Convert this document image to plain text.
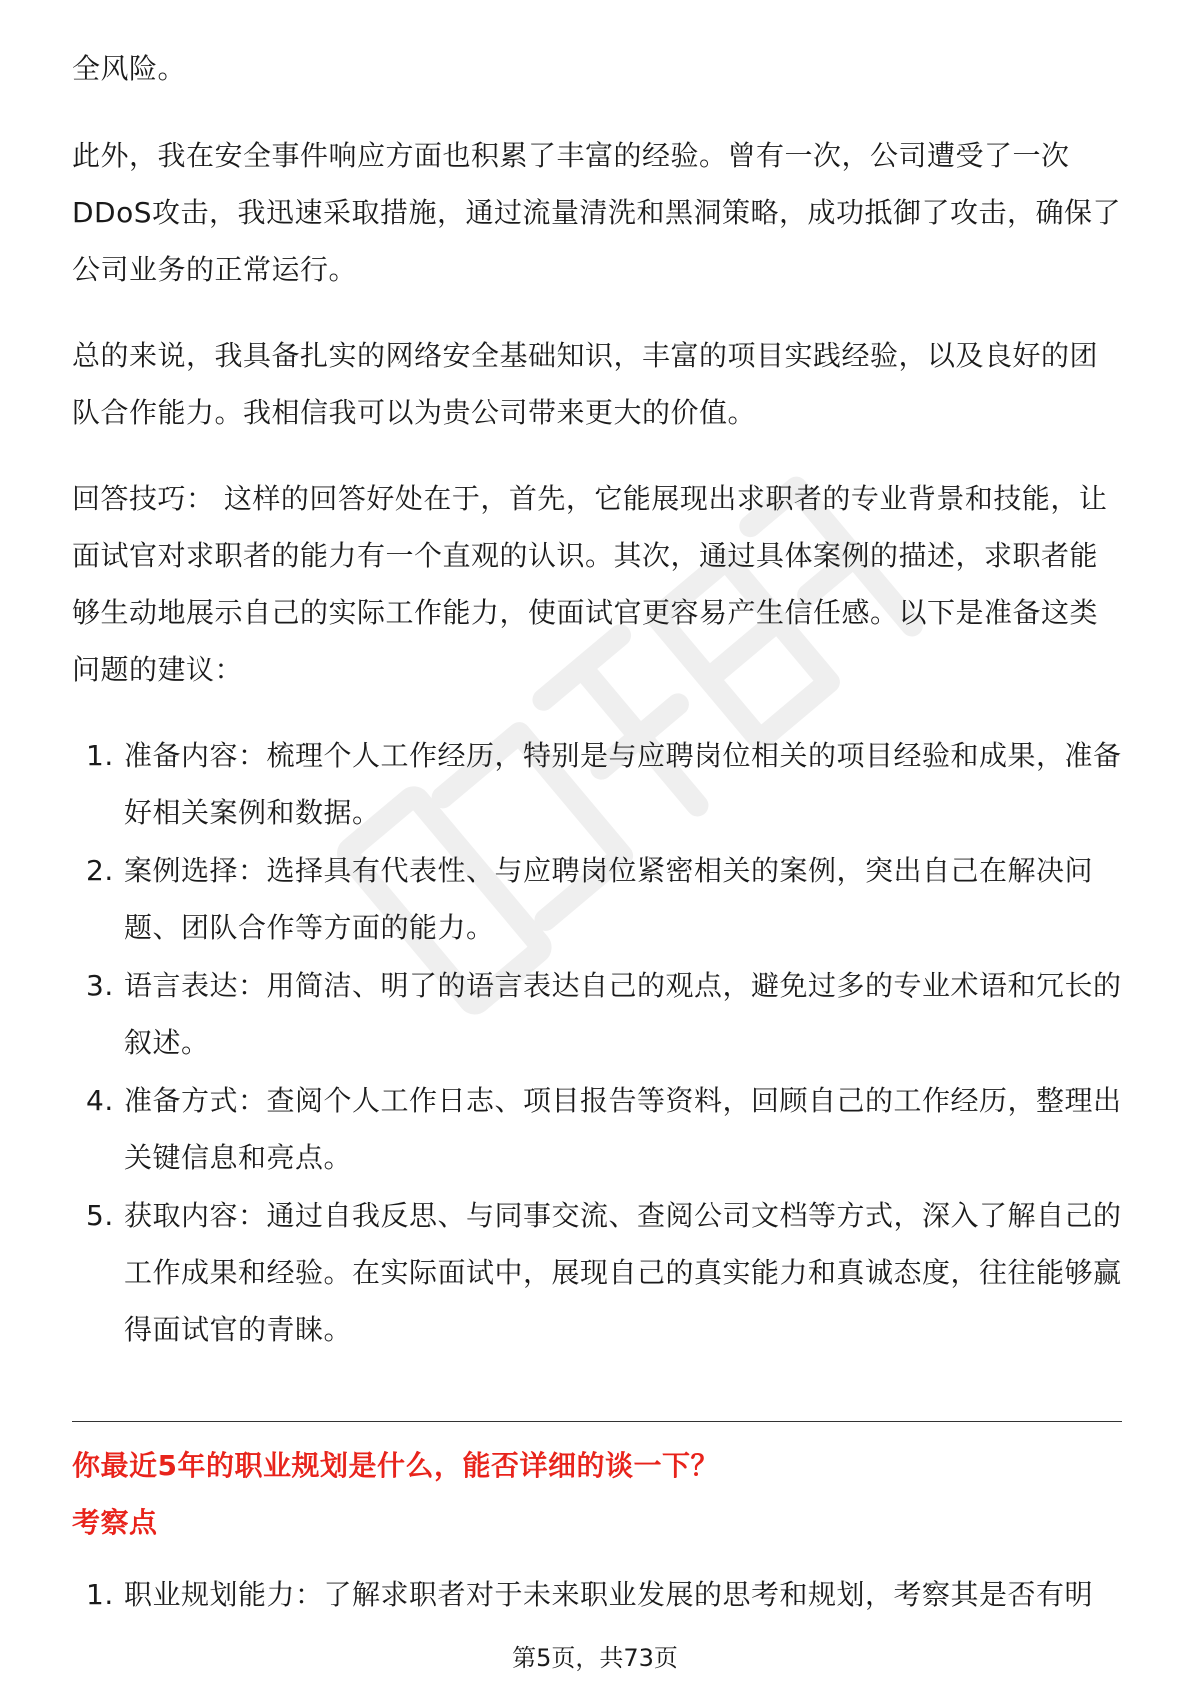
全风险。

此外，我在安全事件响应方面也积累了丰富的经验。曾有一次，公司遭受了一次DDoS攻击，我迅速采取措施，通过流量清洗和黑洞策略，成功抵御了攻击，确保了公司业务的正常运行。

总的来说，我具备扎实的网络安全基础知识，丰富的项目实践经验，以及良好的团队合作能力。我相信我可以为贵公司带来更大的价值。

回答技巧： 这样的回答好处在于，首先，它能展现出求职者的专业背景和技能，让面试官对求职者的能力有一个直观的认识。其次，通过具体案例的描述，求职者能够生动地展示自己的实际工作能力，使面试官更容易产生信任感。以下是准备这类问题的建议：

1. 准备内容：梳理个人工作经历，特别是与应聘岗位相关的项目经验和成果，准备好相关案例和数据。
2. 案例选择：选择具有代表性、与应聘岗位紧密相关的案例，突出自己在解决问题、团队合作等方面的能力。
3. 语言表达：用简洁、明了的语言表达自己的观点，避免过多的专业术语和冗长的叙述。
4. 准备方式：查阅个人工作日志、项目报告等资料，回顾自己的工作经历，整理出关键信息和亮点。
5. 获取内容：通过自我反思、与同事交流、查阅公司文档等方式，深入了解自己的工作成果和经验。在实际面试中，展现自己的真实能力和真诚态度，往往能够赢得面试官的青睐。
你最近5年的职业规划是什么，能否详细的谈一下？
考察点
1. 职业规划能力：了解求职者对于未来职业发展的思考和规划，考察其是否有明
第5页，共73页
